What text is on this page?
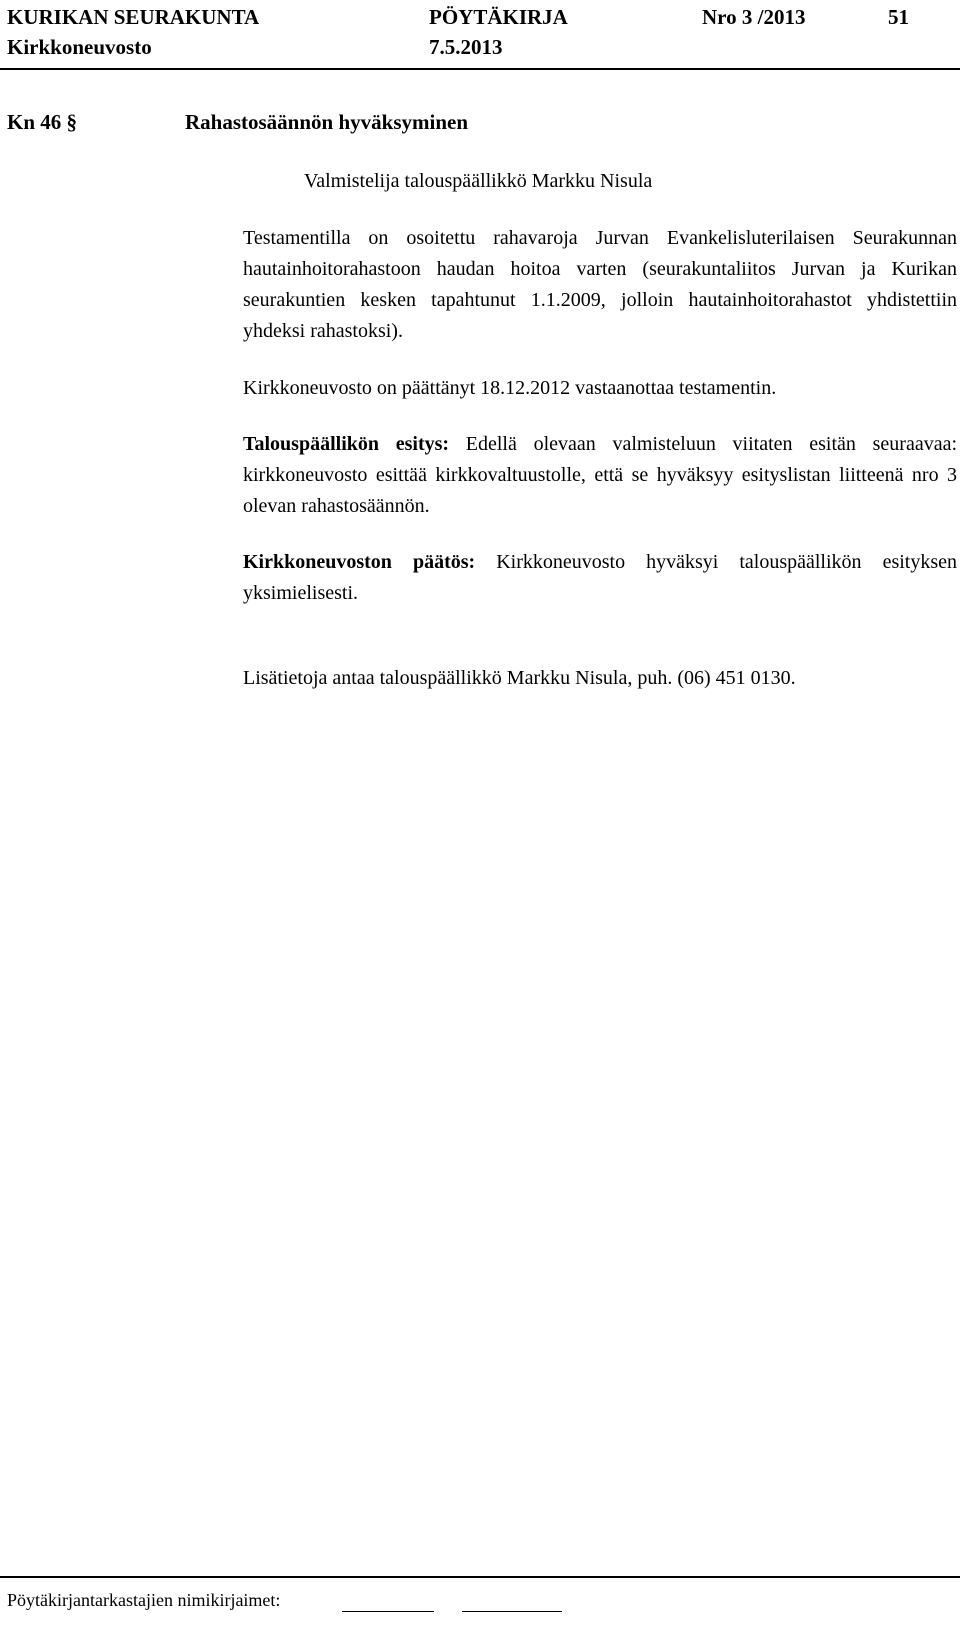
KURIKAN SEURAKUNTA	PÖYTÄKIRJA	Nro 3 /2013	51
Kirkkoneuvosto	7.5.2013
Kn 46 §	Rahastosäännön hyväksyminen
Valmistelija talouspäällikkö Markku Nisula

Testamentilla on osoitettu rahavaroja Jurvan Evankelisluterilaisen Seurakunnan hautainhoitorahastoon haudan hoitoa varten (seurakuntaliitos Jurvan ja Kurikan seurakuntien kesken tapahtunut 1.1.2009, jolloin hautainhoitorahastot yhdistettiin yhdeksi rahastoksi).

Kirkkoneuvosto on päättänyt 18.12.2012 vastaanottaa testamentin.

Talouspäällikön esitys: Edellä olevaan valmisteluun viitaten esitän seuraavaa: kirkkoneuvosto esittää kirkkovaltuustolle, että se hyväksyy esityslistan liitteenä nro 3 olevan rahastosäännön.

Kirkkoneuvoston päätös: Kirkkoneuvosto hyväksyi talouspäällikön esityksen yksimielisesti.

Lisätietoja antaa talouspäällikkö Markku Nisula, puh. (06) 451 0130.

Pöytäkirjantarkastajien nimikirjaimet:
